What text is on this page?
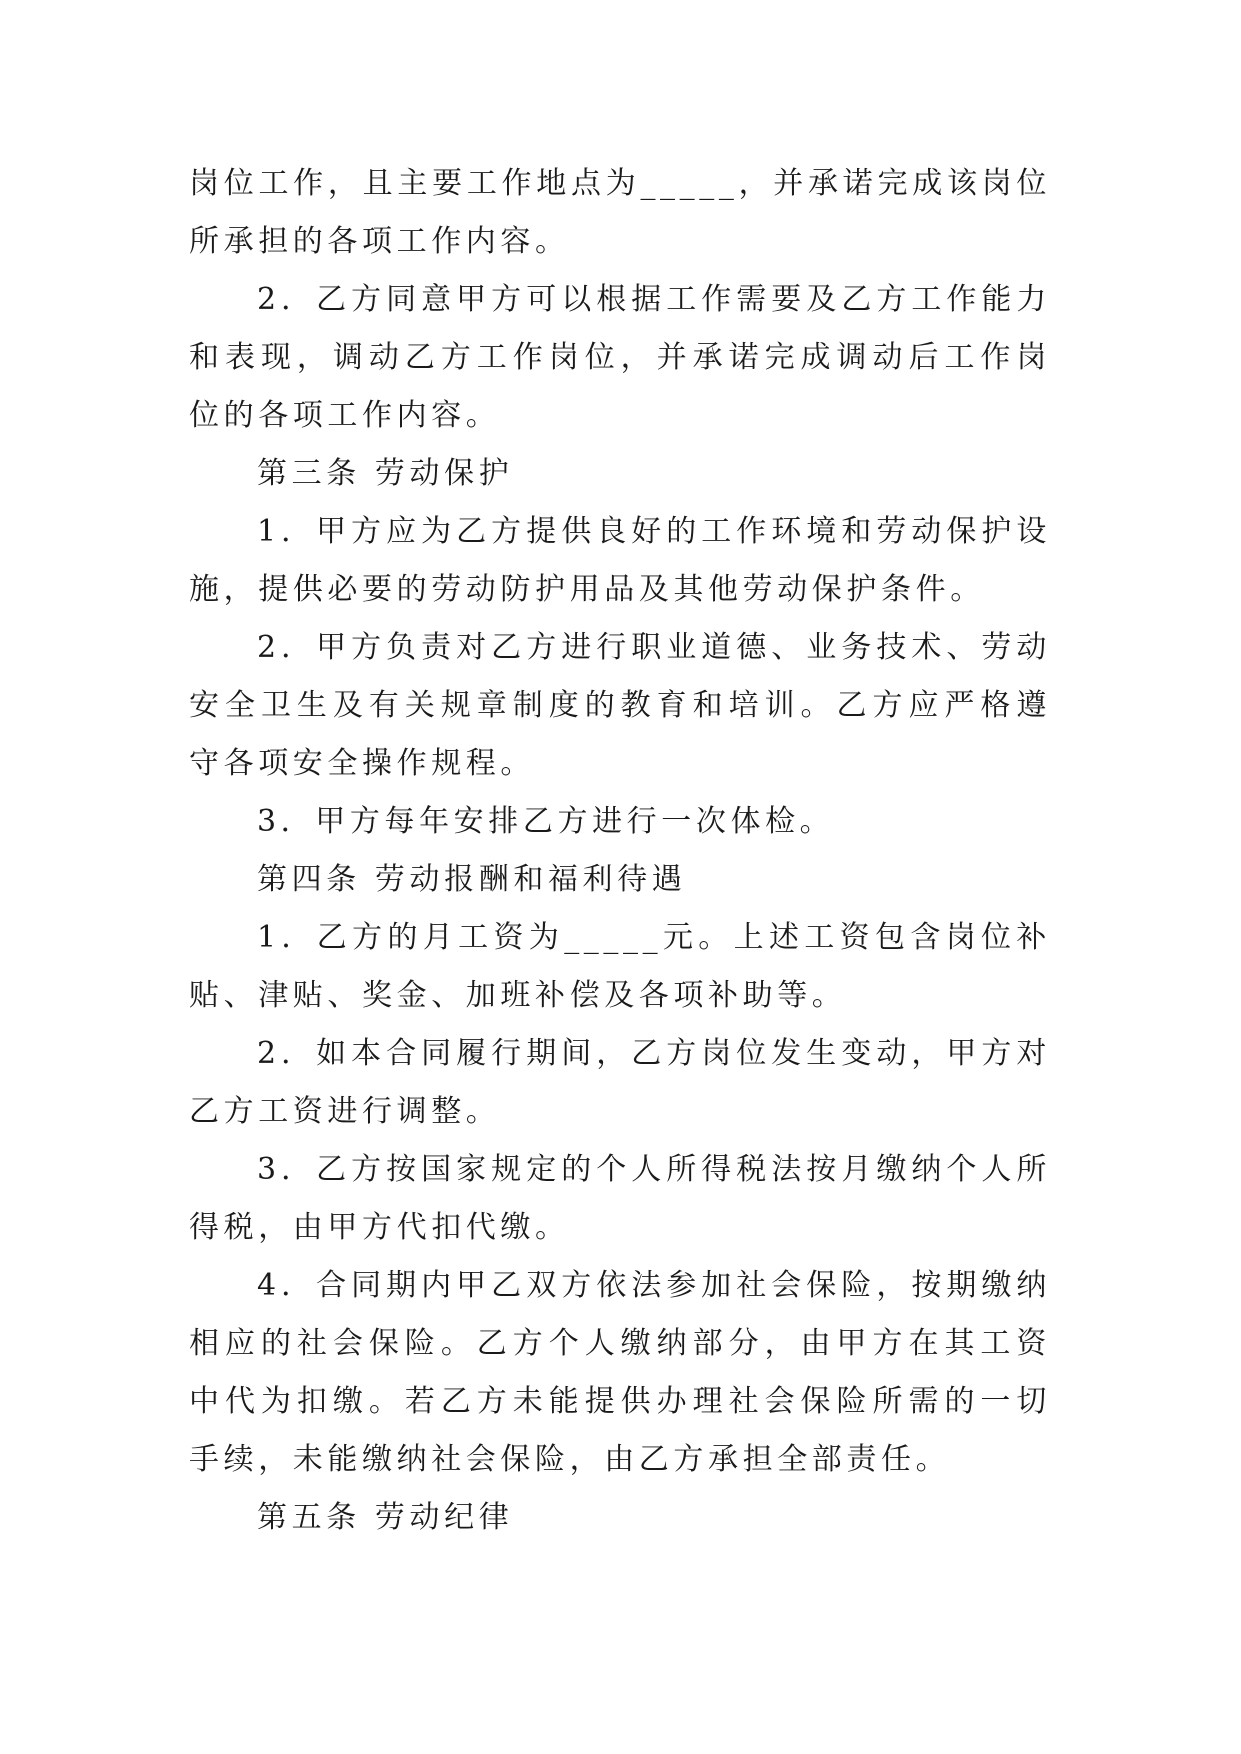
岗位工作，且主要工作地点为_____，并承诺完成该岗位所承担的各项工作内容。

2．乙方同意甲方可以根据工作需要及乙方工作能力和表现，调动乙方工作岗位，并承诺完成调动后工作岗位的各项工作内容。

第三条 劳动保护

1．甲方应为乙方提供良好的工作环境和劳动保护设施，提供必要的劳动防护用品及其他劳动保护条件。

2．甲方负责对乙方进行职业道德、业务技术、劳动安全卫生及有关规章制度的教育和培训。乙方应严格遵守各项安全操作规程。

3．甲方每年安排乙方进行一次体检。

第四条 劳动报酬和福利待遇

1．乙方的月工资为_____元。上述工资包含岗位补贴、津贴、奖金、加班补偿及各项补助等。

2．如本合同履行期间，乙方岗位发生变动，甲方对乙方工资进行调整。

3．乙方按国家规定的个人所得税法按月缴纳个人所得税，由甲方代扣代缴。

4．合同期内甲乙双方依法参加社会保险，按期缴纳相应的社会保险。乙方个人缴纳部分，由甲方在其工资中代为扣缴。若乙方未能提供办理社会保险所需的一切手续，未能缴纳社会保险，由乙方承担全部责任。

第五条 劳动纪律
